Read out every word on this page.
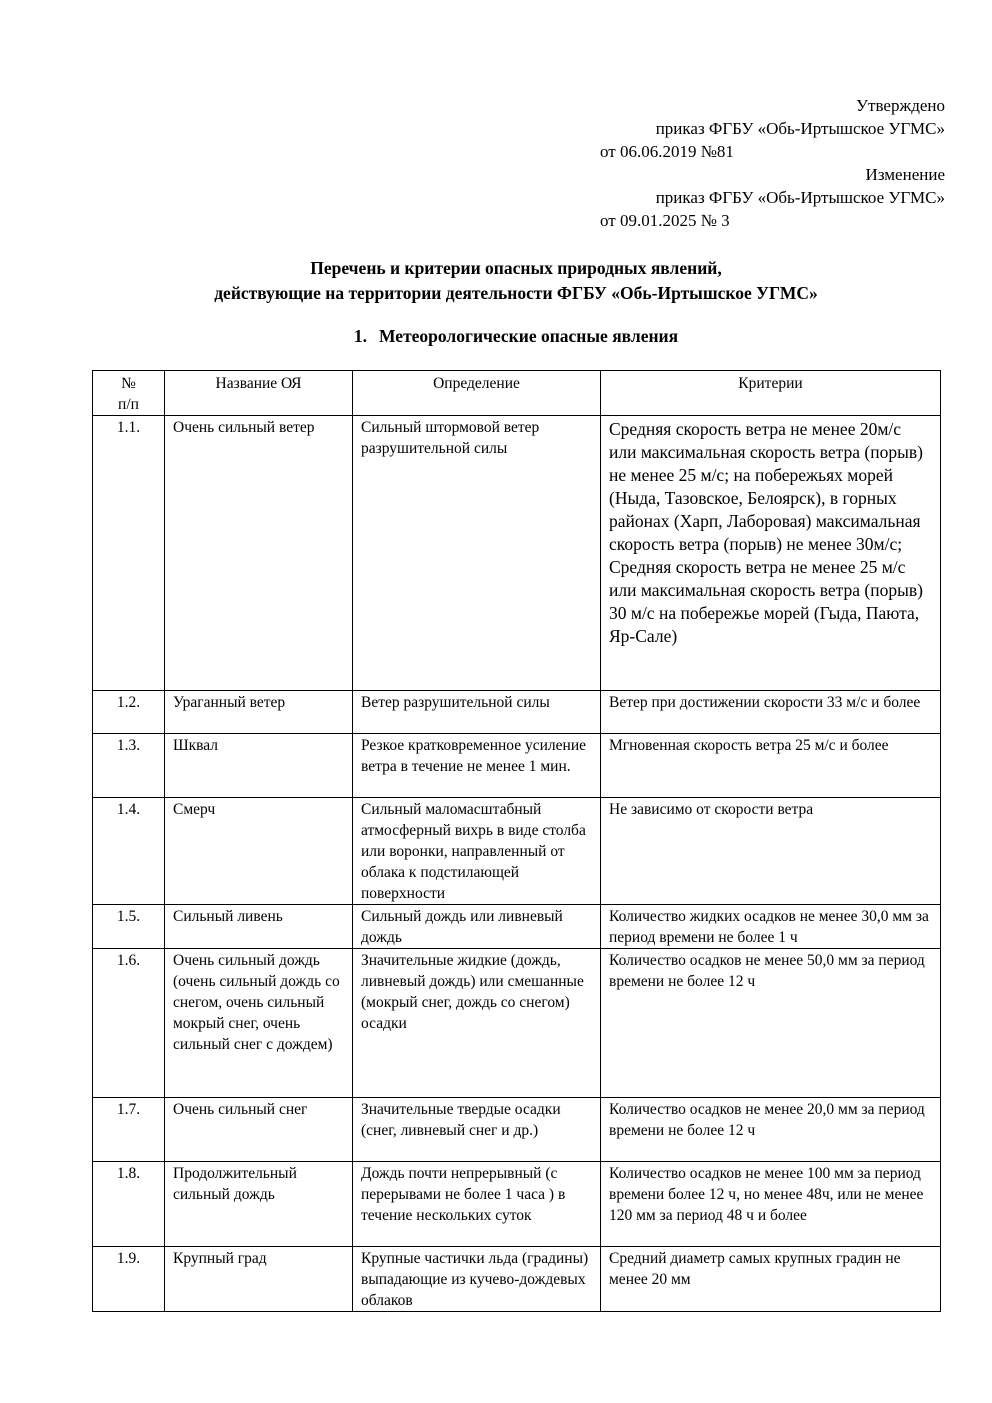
Утверждено
приказ ФГБУ «Обь-Иртышское УГМС»
от 06.06.2019 №81
Изменение
приказ ФГБУ «Обь-Иртышское УГМС»
от 09.01.2025 № 3
Перечень и критерии опасных природных явлений,
действующие на территории деятельности ФГБУ «Обь-Иртышское УГМС»
1. Метеорологические опасные явления
№
п/п	Название ОЯ	Определение	Критерии
1.1.	Очень сильный ветер	Сильный штормовой ветер разрушительной силы	Средняя скорость ветра не менее 20м/с или максимальная скорость ветра (порыв) не менее 25 м/с; на побережьях морей (Ныда, Тазовское, Белоярск), в горных районах (Харп, Лаборовая) максимальная скорость ветра (порыв) не менее 30м/с; Средняя скорость ветра не менее 25 м/с или максимальная скорость ветра (порыв) 30 м/с на побережье морей (Гыда, Паюта, Яр-Сале)
1.2.	Ураганный ветер	Ветер разрушительной силы	Ветер при достижении скорости 33 м/с и более
1.3.	Шквал	Резкое кратковременное усиление ветра в течение не менее 1 мин.	Мгновенная скорость ветра 25 м/с и более
1.4.	Смерч	Сильный маломасштабный атмосферный вихрь в виде столба или воронки, направленный от облака к подстилающей поверхности	Не зависимо от скорости ветра
1.5.	Сильный ливень	Сильный дождь или ливневый дождь	Количество жидких осадков не менее 30,0 мм за период времени не более 1 ч
1.6.	Очень сильный дождь (очень сильный дождь со снегом, очень сильный мокрый снег, очень сильный снег с дождем)	Значительные жидкие (дождь, ливневый дождь) или смешанные (мокрый снег, дождь со снегом) осадки	Количество осадков не менее 50,0 мм за период времени не более 12 ч
1.7.	Очень сильный снег	Значительные твердые осадки (снег, ливневый снег и др.)	Количество осадков не менее 20,0 мм за период времени не более 12 ч
1.8.	Продолжительный сильный дождь	Дождь почти непрерывный (с перерывами не более 1 часа ) в течение нескольких суток	Количество осадков не менее 100 мм за период времени более 12 ч, но менее 48ч, или не менее 120 мм за период 48 ч и более
1.9.	Крупный град	Крупные частички льда (градины) выпадающие из кучево-дождевых облаков	Средний диаметр самых крупных градин не менее 20 мм
